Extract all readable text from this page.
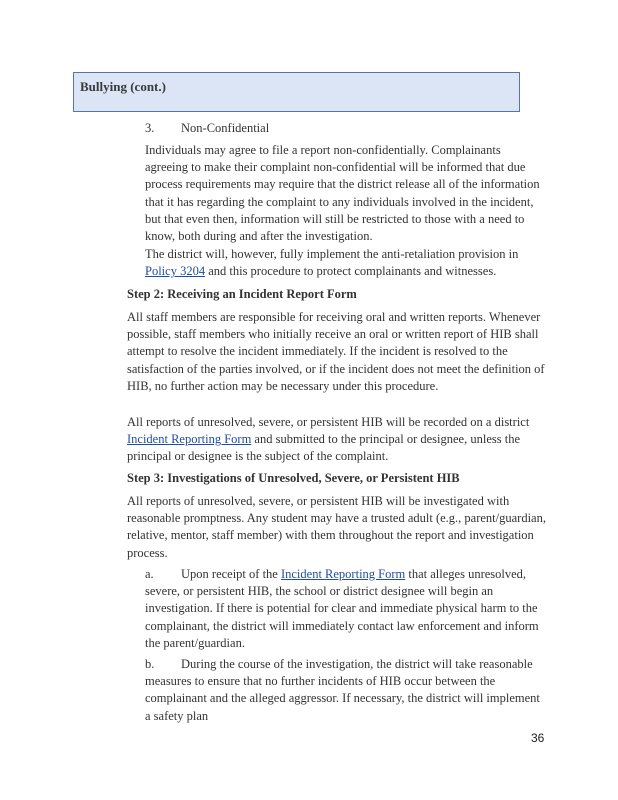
Bullying (cont.)
3. Non-Confidential
Individuals may agree to file a report non-confidentially. Complainants agreeing to make their complaint non-confidential will be informed that due process requirements may require that the district release all of the information that it has regarding the complaint to any individuals involved in the incident, but that even then, information will still be restricted to those with a need to know, both during and after the investigation.
The district will, however, fully implement the anti-retaliation provision in Policy 3204 and this procedure to protect complainants and witnesses.
Step 2: Receiving an Incident Report Form
All staff members are responsible for receiving oral and written reports. Whenever possible, staff members who initially receive an oral or written report of HIB shall attempt to resolve the incident immediately. If the incident is resolved to the satisfaction of the parties involved, or if the incident does not meet the definition of HIB, no further action may be necessary under this procedure.
All reports of unresolved, severe, or persistent HIB will be recorded on a district Incident Reporting Form and submitted to the principal or designee, unless the principal or designee is the subject of the complaint.
Step 3: Investigations of Unresolved, Severe, or Persistent HIB
All reports of unresolved, severe, or persistent HIB will be investigated with reasonable promptness. Any student may have a trusted adult (e.g., parent/guardian, relative, mentor, staff member) with them throughout the report and investigation process.
a. Upon receipt of the Incident Reporting Form that alleges unresolved, severe, or persistent HIB, the school or district designee will begin an investigation. If there is potential for clear and immediate physical harm to the complainant, the district will immediately contact law enforcement and inform the parent/guardian.
b. During the course of the investigation, the district will take reasonable measures to ensure that no further incidents of HIB occur between the complainant and the alleged aggressor. If necessary, the district will implement a safety plan
36
